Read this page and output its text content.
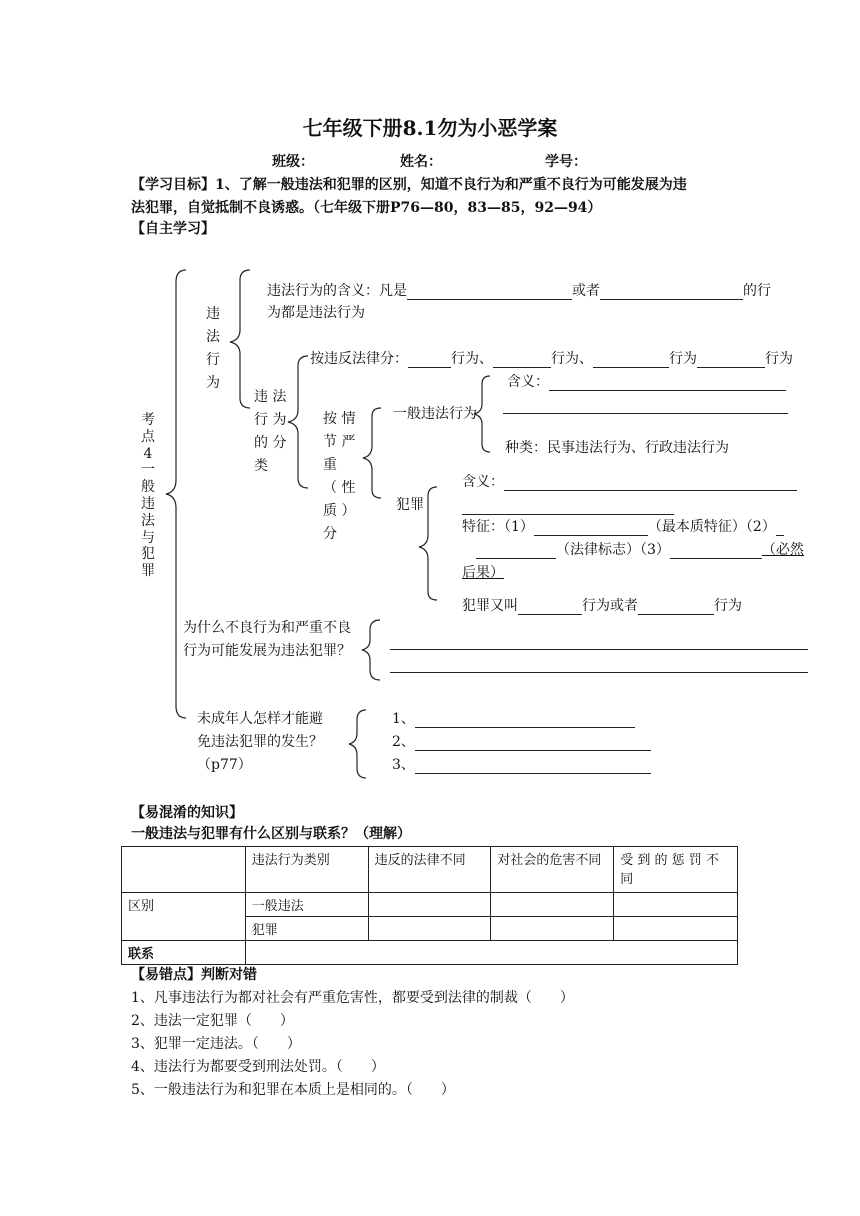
七年级下册8.1勿为小恶学案
班级：	姓名：	学号：
【学习目标】1、了解一般违法和犯罪的区别，知道不良行为和严重不良行为可能发展为违
法犯罪，自觉抵制不良诱惑。（七年级下册P76—80，83—85，92—94）
【自主学习】
考
点
4
一
般
违
法
与
犯
罪
违
法
行
为
违法行为的含义：凡是	或者	的行
为都是违法行为
违 法
行 为
的 分
类
按违反法律分：	行为、	行为、	行为	行为
按 情
节 严
重
（ 性
质 ）
分
一般违法行为
含义：
种类：民事违法行为、行政违法行为
犯罪
含义：
特征：（1）	（最本质特征）（2）
（法律标志）（3）	（必然
后果）
犯罪又叫	行为或者	行为
为什么不良行为和严重不良
行为可能发展为违法犯罪？
未成年人怎样才能避
免违法犯罪的发生？
（p77）
1、
2、
3、
【易混淆的知识】
一般违法与犯罪有什么区别与联系？（理解）
	违法行为类别	违反的法律不同	对社会的危害不同	受 到 的 惩 罚 不同
区别	一般违法			
	犯罪			
联系				
【易错点】判断对错
1、凡事违法行为都对社会有严重危害性，都要受到法律的制裁（　　）
2、违法一定犯罪（　　）
3、犯罪一定违法。（　　）
4、违法行为都要受到刑法处罚。（　　）
5、一般违法行为和犯罪在本质上是相同的。（　　）
